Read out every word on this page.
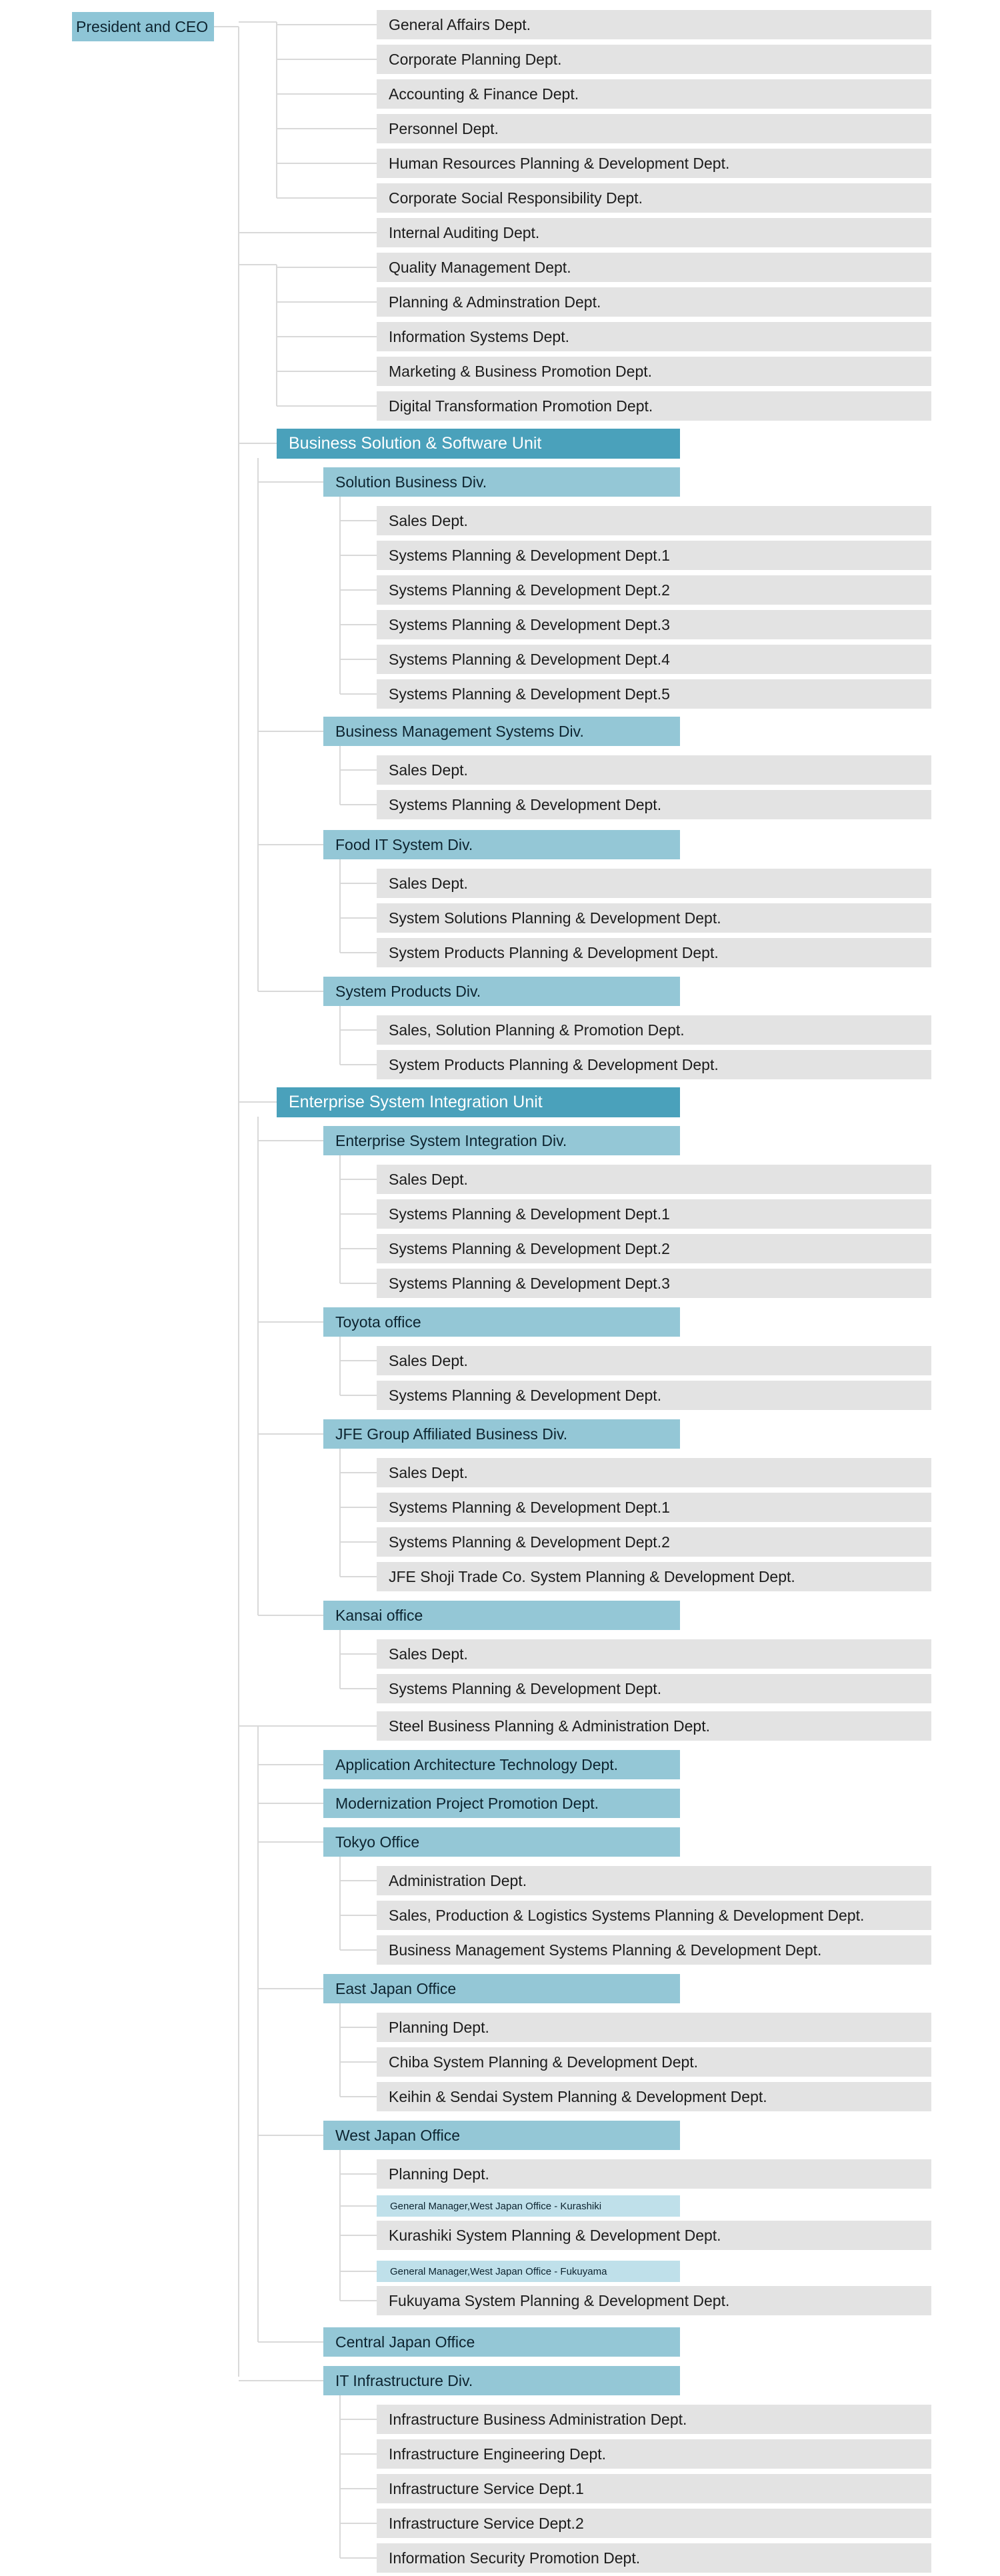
President and CEO	General Affairs Dept.
Corporate Planning Dept.
Accounting & Finance Dept.
Personnel Dept.
Human Resources Planning & Development Dept.
Corporate Social Responsibility Dept.
Internal Auditing Dept.
Quality Management Dept.
Planning & Adminstration Dept.
Information Systems Dept.
Marketing & Business Promotion Dept.
Digital Transformation Promotion Dept.
Business Solution & Software Unit
Solution Business Div.
Sales Dept.
Systems Planning & Development Dept.1
Systems Planning & Development Dept.2
Systems Planning & Development Dept.3
Systems Planning & Development Dept.4
Systems Planning & Development Dept.5
Business Management Systems Div.
Sales Dept.
Systems Planning & Development Dept.
Food IT System Div.
Sales Dept.
System Solutions Planning & Development Dept.
System Products Planning & Development Dept.
System Products Div.
Sales, Solution Planning & Promotion Dept.
System Products Planning & Development Dept.
Enterprise System Integration Unit
Enterprise System Integration Div.
Sales Dept.
Systems Planning & Development Dept.1
Systems Planning & Development Dept.2
Systems Planning & Development Dept.3
Toyota office
Sales Dept.
Systems Planning & Development Dept.
JFE Group Affiliated Business Div.
Sales Dept.
Systems Planning & Development Dept.1
Systems Planning & Development Dept.2
JFE Shoji Trade Co. System Planning & Development Dept.
Kansai office
Sales Dept.
Systems Planning & Development Dept.
Steel Business Planning & Administration Dept.
Application Architecture Technology Dept.
Modernization Project Promotion Dept.
Tokyo Office
Administration Dept.
Sales, Production & Logistics Systems Planning & Development Dept.
Business Management Systems Planning & Development Dept.
East Japan Office
Planning Dept.
Chiba System Planning & Development Dept.
Keihin & Sendai System Planning & Development Dept.
West Japan Office
Planning Dept.
General Manager,West Japan Office - Kurashiki
Kurashiki System Planning & Development Dept.
General Manager,West Japan Office - Fukuyama
Fukuyama System Planning & Development Dept.
Central Japan Office
IT Infrastructure Div.
Infrastructure Business Administration Dept.
Infrastructure Engineering Dept.
Infrastructure Service Dept.1
Infrastructure Service Dept.2
Information Security Promotion Dept.
